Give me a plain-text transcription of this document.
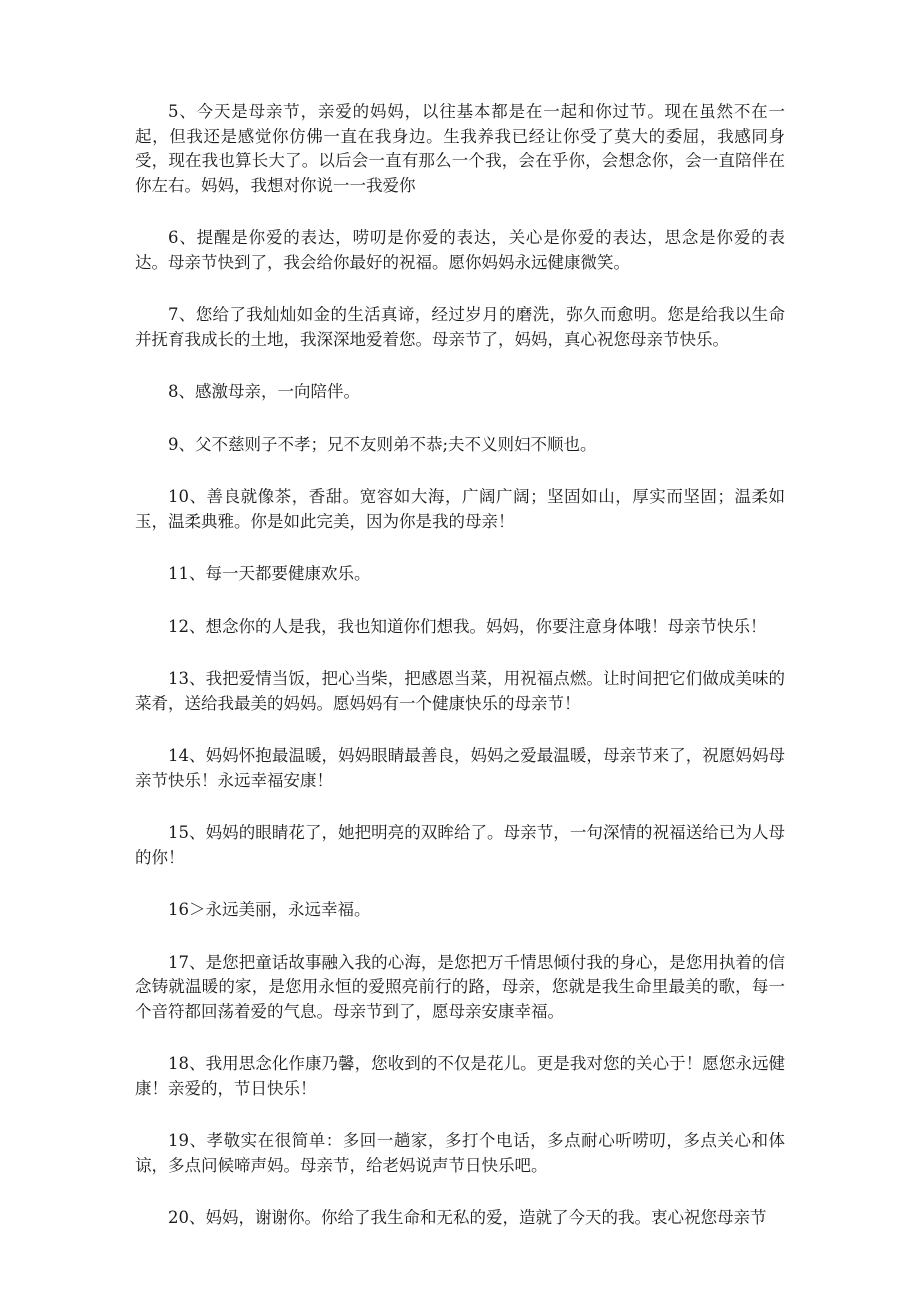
5、今天是母亲节，亲爱的妈妈，以往基本都是在一起和你过节。现在虽然不在一起，但我还是感觉你仿佛一直在我身边。生我养我已经让你受了莫大的委屈，我感同身受，现在我也算长大了。以后会一直有那么一个我，会在乎你，会想念你，会一直陪伴在你左右。妈妈，我想对你说一一我爱你

6、提醒是你爱的表达，唠叨是你爱的表达，关心是你爱的表达，思念是你爱的表达。母亲节快到了，我会给你最好的祝福。愿你妈妈永远健康微笑。

7、您给了我灿灿如金的生活真谛，经过岁月的磨洗，弥久而愈明。您是给我以生命并抚育我成长的土地，我深深地爱着您。母亲节了，妈妈，真心祝您母亲节快乐。

8、感激母亲，一向陪伴。

9、父不慈则子不孝；兄不友则弟不恭;夫不义则妇不顺也。

10、善良就像茶，香甜。宽容如大海，广阔广阔；坚固如山，厚实而坚固；温柔如玉，温柔典雅。你是如此完美，因为你是我的母亲！

11、每一天都要健康欢乐。

12、想念你的人是我，我也知道你们想我。妈妈，你要注意身体哦！母亲节快乐！

13、我把爱情当饭，把心当柴，把感恩当菜，用祝福点燃。让时间把它们做成美味的菜肴，送给我最美的妈妈。愿妈妈有一个健康快乐的母亲节！

14、妈妈怀抱最温暖，妈妈眼睛最善良，妈妈之爱最温暖，母亲节来了，祝愿妈妈母亲节快乐！永远幸福安康！

15、妈妈的眼睛花了，她把明亮的双眸给了。母亲节，一句深情的祝福送给已为人母的你！

16＞永远美丽，永远幸福。

17、是您把童话故事融入我的心海，是您把万千情思倾付我的身心，是您用执着的信念铸就温暖的家，是您用永恒的爱照亮前行的路，母亲，您就是我生命里最美的歌，每一个音符都回荡着爱的气息。母亲节到了，愿母亲安康幸福。

18、我用思念化作康乃馨，您收到的不仅是花儿。更是我对您的关心于！愿您永远健康！亲爱的，节日快乐！

19、孝敬实在很简单：多回一趟家，多打个电话，多点耐心听唠叨，多点关心和体谅，多点问候啼声妈。母亲节，给老妈说声节日快乐吧。

20、妈妈，谢谢你。你给了我生命和无私的爱，造就了今天的我。衷心祝您母亲节
